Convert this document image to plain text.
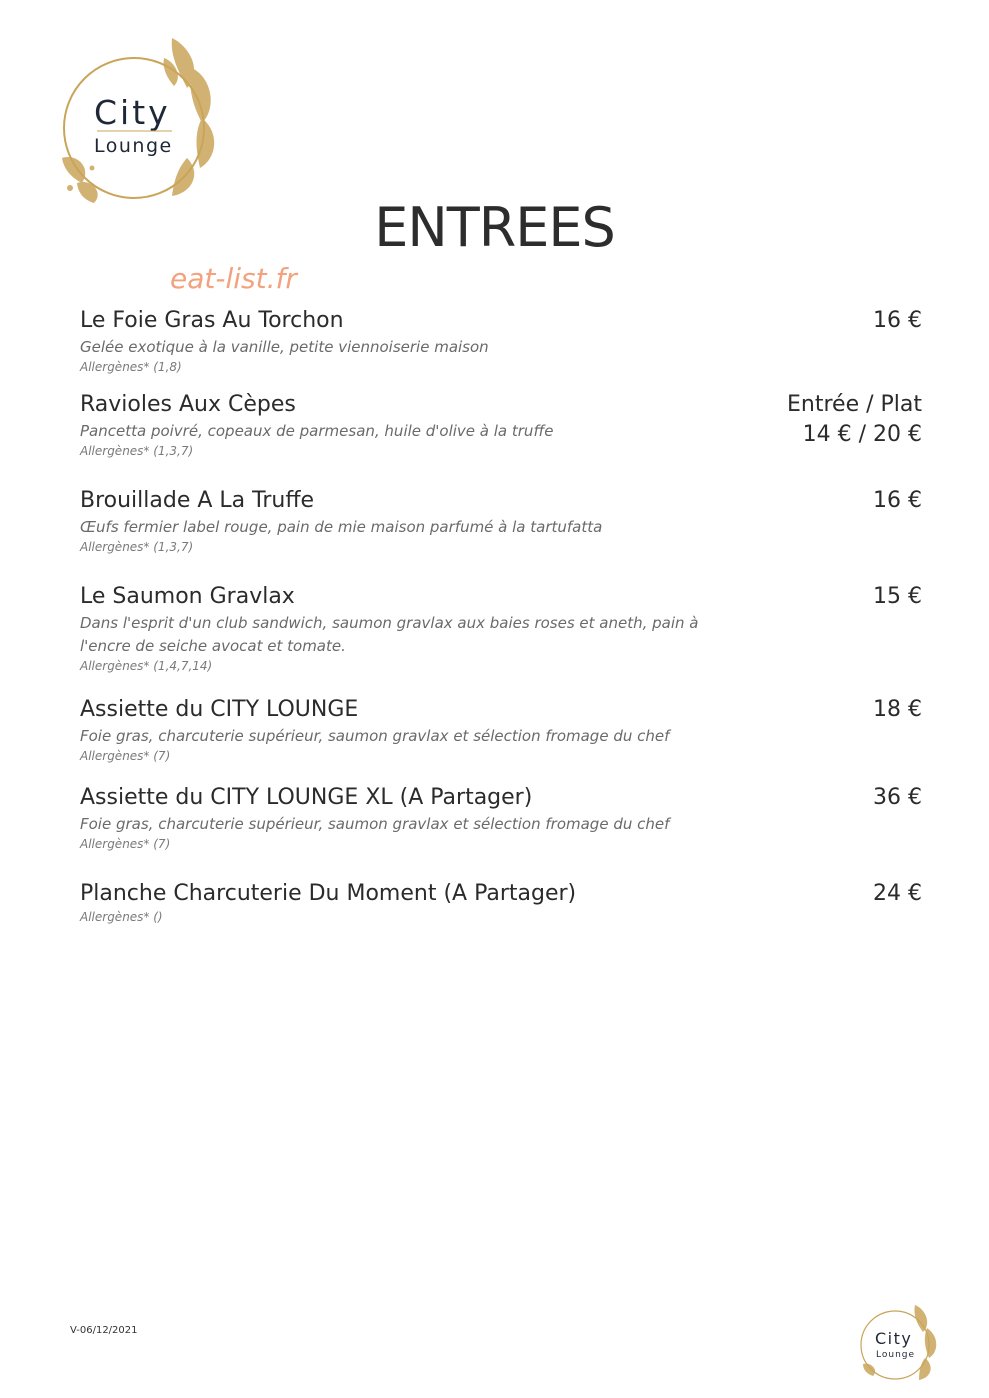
City
Lounge
ENTREES
eat-list.fr
Le Foie Gras Au Torchon
Gelée exotique à la vanille, petite viennoiserie maison
Allergènes* (1,8)
16 €
Ravioles Aux Cèpes
Pancetta poivré, copeaux de parmesan, huile d'olive à la truffe
Allergènes* (1,3,7)
Entrée / Plat
14 € / 20 €
Brouillade A La Truffe
Œufs fermier label rouge, pain de mie maison parfumé à la tartufatta
Allergènes* (1,3,7)
16 €
Le Saumon Gravlax
Dans l'esprit d'un club sandwich, saumon gravlax aux baies roses et aneth, pain à l'encre de seiche avocat et tomate.
Allergènes* (1,4,7,14)
15 €
Assiette du CITY LOUNGE
Foie gras, charcuterie supérieur, saumon gravlax et sélection fromage du chef
Allergènes* (7)
18 €
Assiette du CITY LOUNGE XL (A Partager)
Foie gras, charcuterie supérieur, saumon gravlax et sélection fromage du chef
Allergènes* (7)
36 €
Planche Charcuterie Du Moment (A Partager)
Allergènes* ()
24 €
V-06/12/2021	City
Lounge
